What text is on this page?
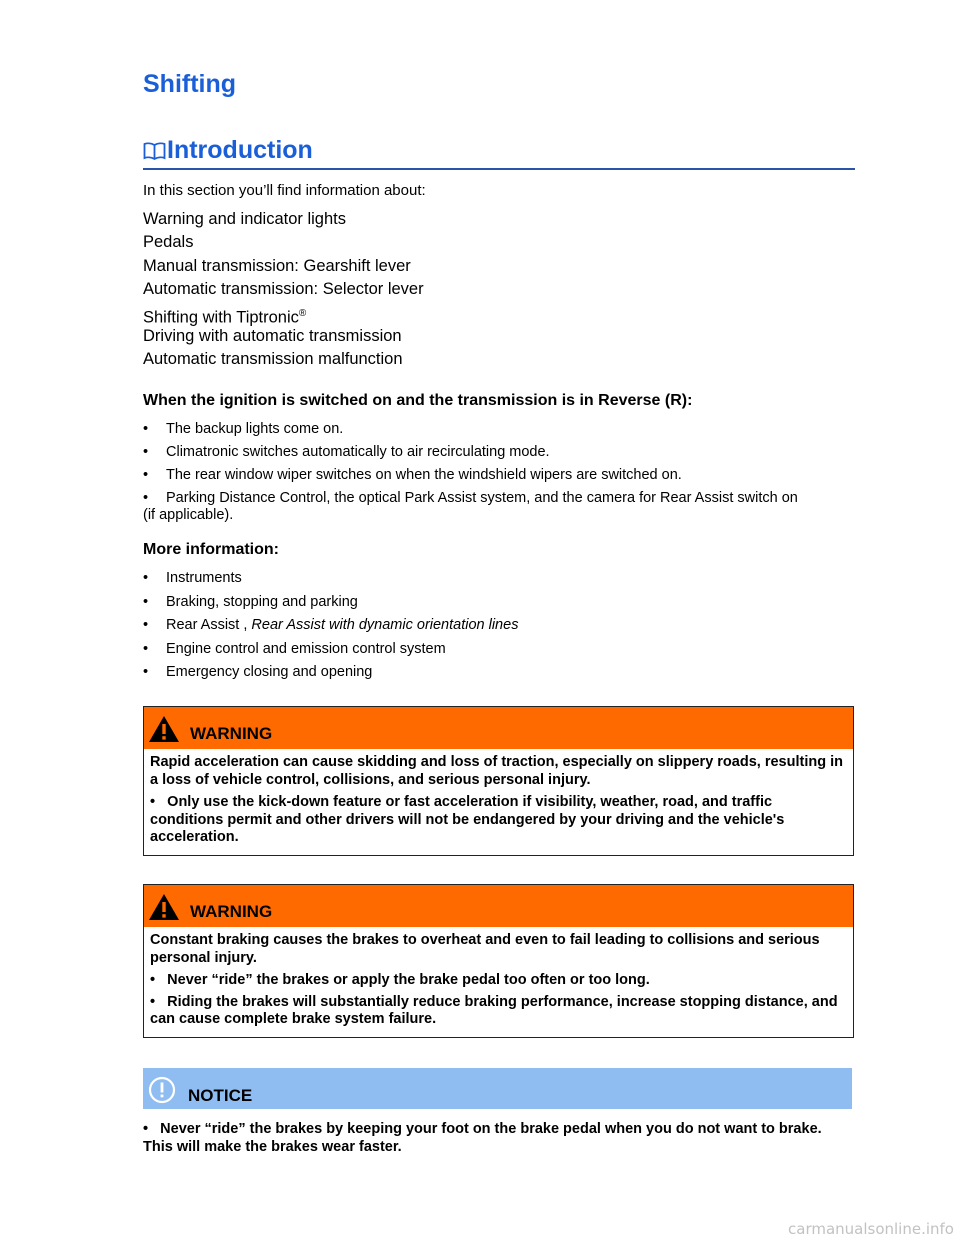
Shifting
Introduction

In this section you’ll find information about:

Warning and indicator lights
Pedals
Manual transmission: Gearshift lever
Automatic transmission: Selector lever
Shifting with Tiptronic®
Driving with automatic transmission
Automatic transmission malfunction
When the ignition is switched on and the transmission is in Reverse (R):
• The backup lights come on.
• Climatronic switches automatically to air recirculating mode.
• The rear window wiper switches on when the windshield wipers are switched on.
• Parking Distance Control, the optical Park Assist system, and the camera for Rear Assist switch on
(if applicable).
More information:
• Instruments
• Braking, stopping and parking
• Rear Assist , Rear Assist with dynamic orientation lines
• Engine control and emission control system
• Emergency closing and opening
WARNING

Rapid acceleration can cause skidding and loss of traction, especially on slippery roads, resulting in a loss of vehicle control, collisions, and serious personal injury.

• Only use the kick-down feature or fast acceleration if visibility, weather, road, and traffic conditions permit and other drivers will not be endangered by your driving and the vehicle's acceleration.
WARNING

Constant braking causes the brakes to overheat and even to fail leading to collisions and serious personal injury.

• Never “ride” the brakes or apply the brake pedal too often or too long.
• Riding the brakes will substantially reduce braking performance, increase stopping distance, and can cause complete brake system failure.
NOTICE

• Never “ride” the brakes by keeping your foot on the brake pedal when you do not want to brake. This will make the brakes wear faster.

carmanualsonline.info
